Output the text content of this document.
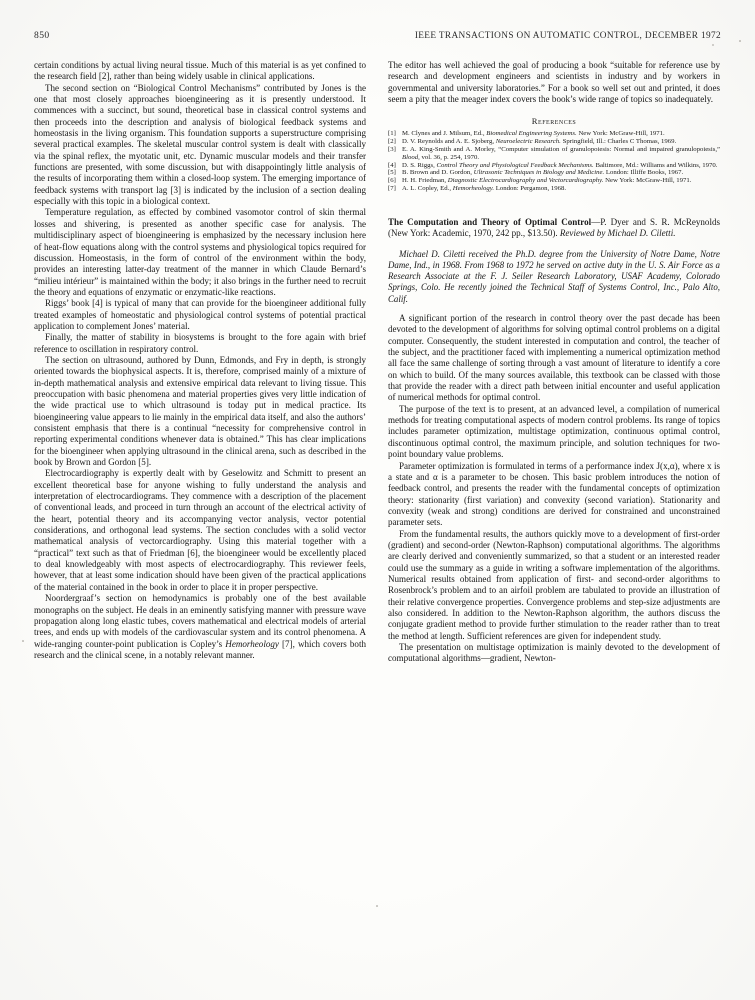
850	IEEE TRANSACTIONS ON AUTOMATIC CONTROL, DECEMBER 1972

certain conditions by actual living neural tissue. Much of this material is as yet confined to the research field [2], rather than being widely usable in clinical applications.

The second section on “Biological Control Mechanisms” contributed by Jones is the one that most closely approaches bioengineering as it is presently understood. It commences with a succinct, but sound, theoretical base in classical control systems and then proceeds into the description and analysis of biological feedback systems and homeostasis in the living organism. This foundation supports a superstructure comprising several practical examples. The skeletal muscular control system is dealt with classically via the spinal reflex, the myotatic unit, etc. Dynamic muscular models and their transfer functions are presented, with some discussion, but with disappointingly little analysis of the results of incorporating them within a closed-loop system. The emerging importance of feedback systems with transport lag [3] is indicated by the inclusion of a section dealing especially with this topic in a biological context.

Temperature regulation, as effected by combined vasomotor control of skin thermal losses and shivering, is presented as another specific case for analysis. The multidisciplinary aspect of bioengineering is emphasized by the necessary inclusion here of heat-flow equations along with the control systems and physiological topics required for discussion. Homeostasis, in the form of control of the environment within the body, provides an interesting latter-day treatment of the manner in which Claude Bernard’s “milieu intérieur” is maintained within the body; it also brings in the further need to recruit the theory and equations of enzymatic or enzymatic-like reactions.

Riggs’ book [4] is typical of many that can provide for the bioengineer additional fully treated examples of homeostatic and physiological control systems of potential practical application to complement Jones’ material.

Finally, the matter of stability in biosystems is brought to the fore again with brief reference to oscillation in respiratory control.

The section on ultrasound, authored by Dunn, Edmonds, and Fry in depth, is strongly oriented towards the biophysical aspects. It is, therefore, comprised mainly of a mixture of in-depth mathematical analysis and extensive empirical data relevant to living tissue. This preoccupation with basic phenomena and material properties gives very little indication of the wide practical use to which ultrasound is today put in medical practice. Its bioengineering value appears to lie mainly in the empirical data itself, and also the authors’ consistent emphasis that there is a continual “necessity for comprehensive control in reporting experimental conditions whenever data is obtained.” This has clear implications for the bioengineer when applying ultrasound in the clinical arena, such as described in the book by Brown and Gordon [5].

Electrocardiography is expertly dealt with by Geselowitz and Schmitt to present an excellent theoretical base for anyone wishing to fully understand the analysis and interpretation of electrocardiograms. They commence with a description of the placement of conventional leads, and proceed in turn through an account of the electrical activity of the heart, potential theory and its accompanying vector analysis, vector potential considerations, and orthogonal lead systems. The section concludes with a solid vector mathematical analysis of vectorcardiography. Using this material together with a “practical” text such as that of Friedman [6], the bioengineer would be excellently placed to deal knowledgeably with most aspects of electrocardiography. This reviewer feels, however, that at least some indication should have been given of the practical applications of the material contained in the book in order to place it in proper perspective.

Noordergraaf’s section on hemodynamics is probably one of the best available monographs on the subject. He deals in an eminently satisfying manner with pressure wave propagation along long elastic tubes, covers mathematical and electrical models of arterial trees, and ends up with models of the cardiovascular system and its control phenomena. A wide-ranging counter-point publication is Copley’s Hemorheology [7], which covers both research and the clinical scene, in a notably relevant manner.

The editor has well achieved the goal of producing a book “suitable for reference use by research and development engineers and scientists in industry and by workers in governmental and university laboratories.” For a book so well set out and printed, it does seem a pity that the meager index covers the book’s wide range of topics so inadequately.

References
[1] M. Clynes and J. Milsum, Ed., Biomedical Engineering Systems. New York: McGraw-Hill, 1971.
[2] D. V. Reynolds and A. E. Sjoberg, Neuroelectric Research. Springfield, Ill.: Charles C Thomas, 1969.
[3] E. A. King-Smith and A. Morley, “Computer simulation of granulopoiesis: Normal and impaired granulopoiesis,” Blood, vol. 36, p. 254, 1970.
[4] D. S. Riggs, Control Theory and Physiological Feedback Mechanisms. Baltimore, Md.: Williams and Wilkins, 1970.
[5] B. Brown and D. Gordon, Ultrasonic Techniques in Biology and Medicine. London: Illiffe Books, 1967.
[6] H. H. Friedman, Diagnostic Electrocardiography and Vectorcardiography. New York: McGraw-Hill, 1971.
[7] A. L. Copley, Ed., Hemorheology. London: Pergamon, 1968.

The Computation and Theory of Optimal Control—P. Dyer and S. R. McReynolds (New York: Academic, 1970, 242 pp., $13.50). Reviewed by Michael D. Ciletti.

Michael D. Ciletti received the Ph.D. degree from the University of Notre Dame, Notre Dame, Ind., in 1968. From 1968 to 1972 he served on active duty in the U. S. Air Force as a Research Associate at the F. J. Seiler Research Laboratory, USAF Academy, Colorado Springs, Colo. He recently joined the Technical Staff of Systems Control, Inc., Palo Alto, Calif.

A significant portion of the research in control theory over the past decade has been devoted to the development of algorithms for solving optimal control problems on a digital computer. Consequently, the student interested in computation and control, the teacher of the subject, and the practitioner faced with implementing a numerical optimization method all face the same challenge of sorting through a vast amount of literature to identify a core on which to build. Of the many sources available, this textbook can be classed with those that provide the reader with a direct path between initial encounter and useful application of numerical methods for optimal control.

The purpose of the text is to present, at an advanced level, a compilation of numerical methods for treating computational aspects of modern control problems. Its range of topics includes parameter optimization, multistage optimization, continuous optimal control, discontinuous optimal control, the maximum principle, and solution techniques for two-point boundary value problems.

Parameter optimization is formulated in terms of a performance index J(x,α), where x is a state and α is a parameter to be chosen. This basic problem introduces the notion of feedback control, and presents the reader with the fundamental concepts of optimization theory: stationarity (first variation) and convexity (second variation). Stationarity and convexity (weak and strong) conditions are derived for constrained and unconstrained parameter sets.

From the fundamental results, the authors quickly move to a development of first-order (gradient) and second-order (Newton-Raphson) computational algorithms. The algorithms are clearly derived and conveniently summarized, so that a student or an interested reader could use the summary as a guide in writing a software implementation of the algorithms. Numerical results obtained from application of first- and second-order algorithms to Rosenbrock’s problem and to an airfoil problem are tabulated to provide an illustration of their relative convergence properties. Convergence problems and step-size adjustments are also considered. In addition to the Newton-Raphson algorithm, the authors discuss the conjugate gradient method to provide further stimulation to the reader rather than to treat the method at length. Sufficient references are given for independent study.

The presentation on multistage optimization is mainly devoted to the development of computational algorithms—gradient, Newton-
